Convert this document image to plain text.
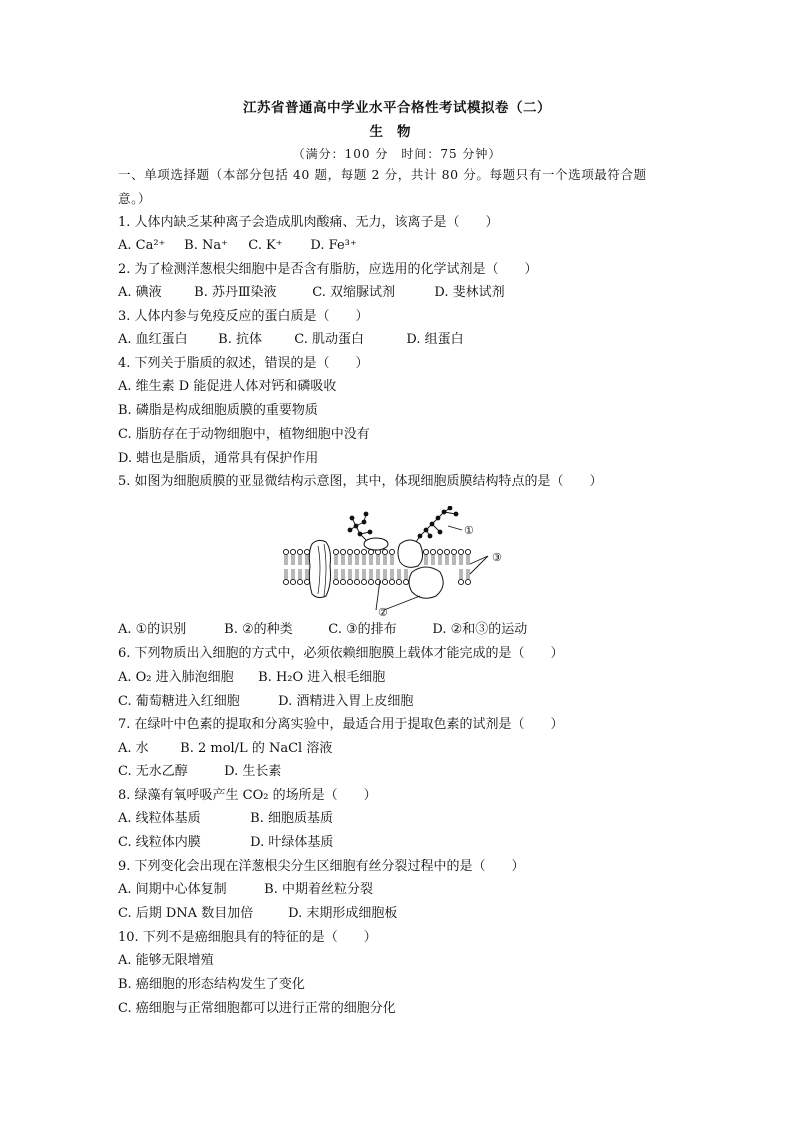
江苏省普通高中学业水平合格性考试模拟卷（二）
生物
（满分：100 分　时间：75 分钟）
一、单项选择题（本部分包括 40 题，每题 2 分，共计 80 分。每题只有一个选项最符合题
意。）
1. 人体内缺乏某种离子会造成肌肉酸痛、无力，该离子是（　　）
A. Ca²⁺ B. Na⁺ C. K⁺ D. Fe³⁺
2. 为了检测洋葱根尖细胞中是否含有脂肪，应选用的化学试剂是（　　）
A. 碘液 B. 苏丹Ⅲ染液	C. 双缩脲试剂	D. 斐林试剂
3. 人体内参与免疫反应的蛋白质是（　　）
A. 血红蛋白 B. 抗体 C. 肌动蛋白	D. 组蛋白
4. 下列关于脂质的叙述，错误的是（　　）
A. 维生素 D 能促进人体对钙和磷吸收
B. 磷脂是构成细胞质膜的重要物质
C. 脂肪存在于动物细胞中，植物细胞中没有
D. 蜡也是脂质，通常具有保护作用
5. 如图为细胞质膜的亚显微结构示意图，其中，体现细胞质膜结构特点的是（　　）
①
③
②
A. ①的识别	B. ②的种类	C. ③的排布	D. ②和③的运动
6. 下列物质出入细胞的方式中，必须依赖细胞膜上载体才能完成的是（　　）
A. O₂ 进入肺泡细胞 B. H₂O 进入根毛细胞
C. 葡萄糖进入红细胞	D. 酒精进入胃上皮细胞
7. 在绿叶中色素的提取和分离实验中，最适合用于提取色素的试剂是（　　）
A. 水 B. 2 mol/L 的 NaCl 溶液
C. 无水乙醇	D. 生长素
8. 绿藻有氧呼吸产生 CO₂ 的场所是（　　）
A. 线粒体基质	B. 细胞质基质
C. 线粒体内膜	D. 叶绿体基质
9. 下列变化会出现在洋葱根尖分生区细胞有丝分裂过程中的是（　　）
A. 间期中心体复制	B. 中期着丝粒分裂
C. 后期 DNA 数目加倍	D. 末期形成细胞板
10. 下列不是癌细胞具有的特征的是（　　）
A. 能够无限增殖
B. 癌细胞的形态结构发生了变化
C. 癌细胞与正常细胞都可以进行正常的细胞分化
